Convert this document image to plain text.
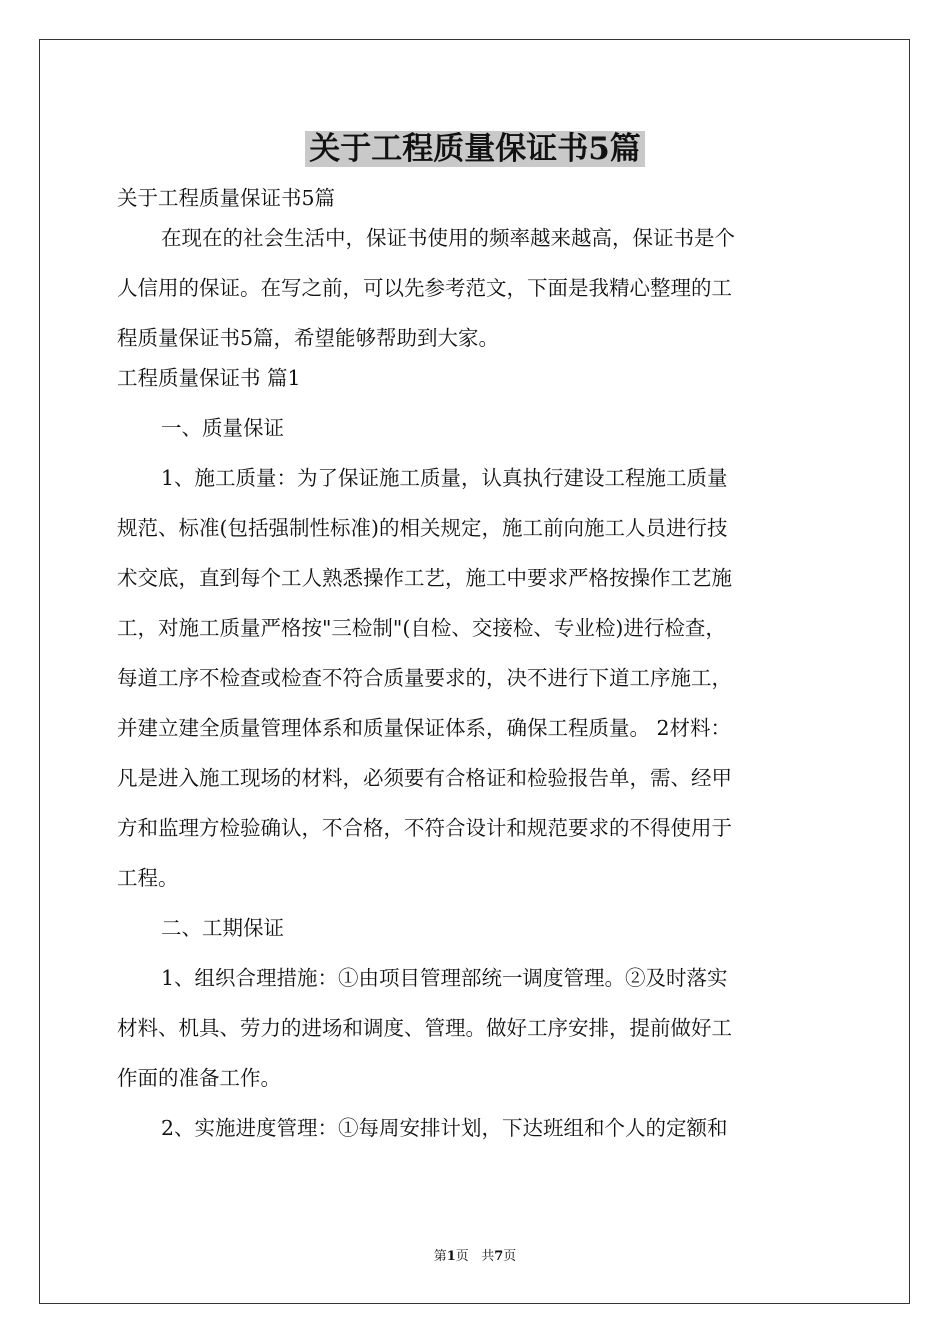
关于工程质量保证书5篇

关于工程质量保证书5篇

在现在的社会生活中，保证书使用的频率越来越高，保证书是个

人信用的保证。在写之前，可以先参考范文，下面是我精心整理的工

程质量保证书5篇，希望能够帮助到大家。

工程质量保证书 篇1

一、质量保证

1、施工质量：为了保证施工质量，认真执行建设工程施工质量

规范、标准(包括强制性标准)的相关规定，施工前向施工人员进行技

术交底，直到每个工人熟悉操作工艺，施工中要求严格按操作工艺施

工，对施工质量严格按"三检制"(自检、交接检、专业检)进行检查，

每道工序不检查或检查不符合质量要求的，决不进行下道工序施工，

并建立建全质量管理体系和质量保证体系，确保工程质量。 2材料：

凡是进入施工现场的材料，必须要有合格证和检验报告单，需、经甲

方和监理方检验确认，不合格，不符合设计和规范要求的不得使用于

工程。

二、工期保证

1、组织合理措施：①由项目管理部统一调度管理。②及时落实

材料、机具、劳力的进场和调度、管理。做好工序安排，提前做好工

作面的准备工作。

2、实施进度管理：①每周安排计划，下达班组和个人的定额和

第1页 共7页
